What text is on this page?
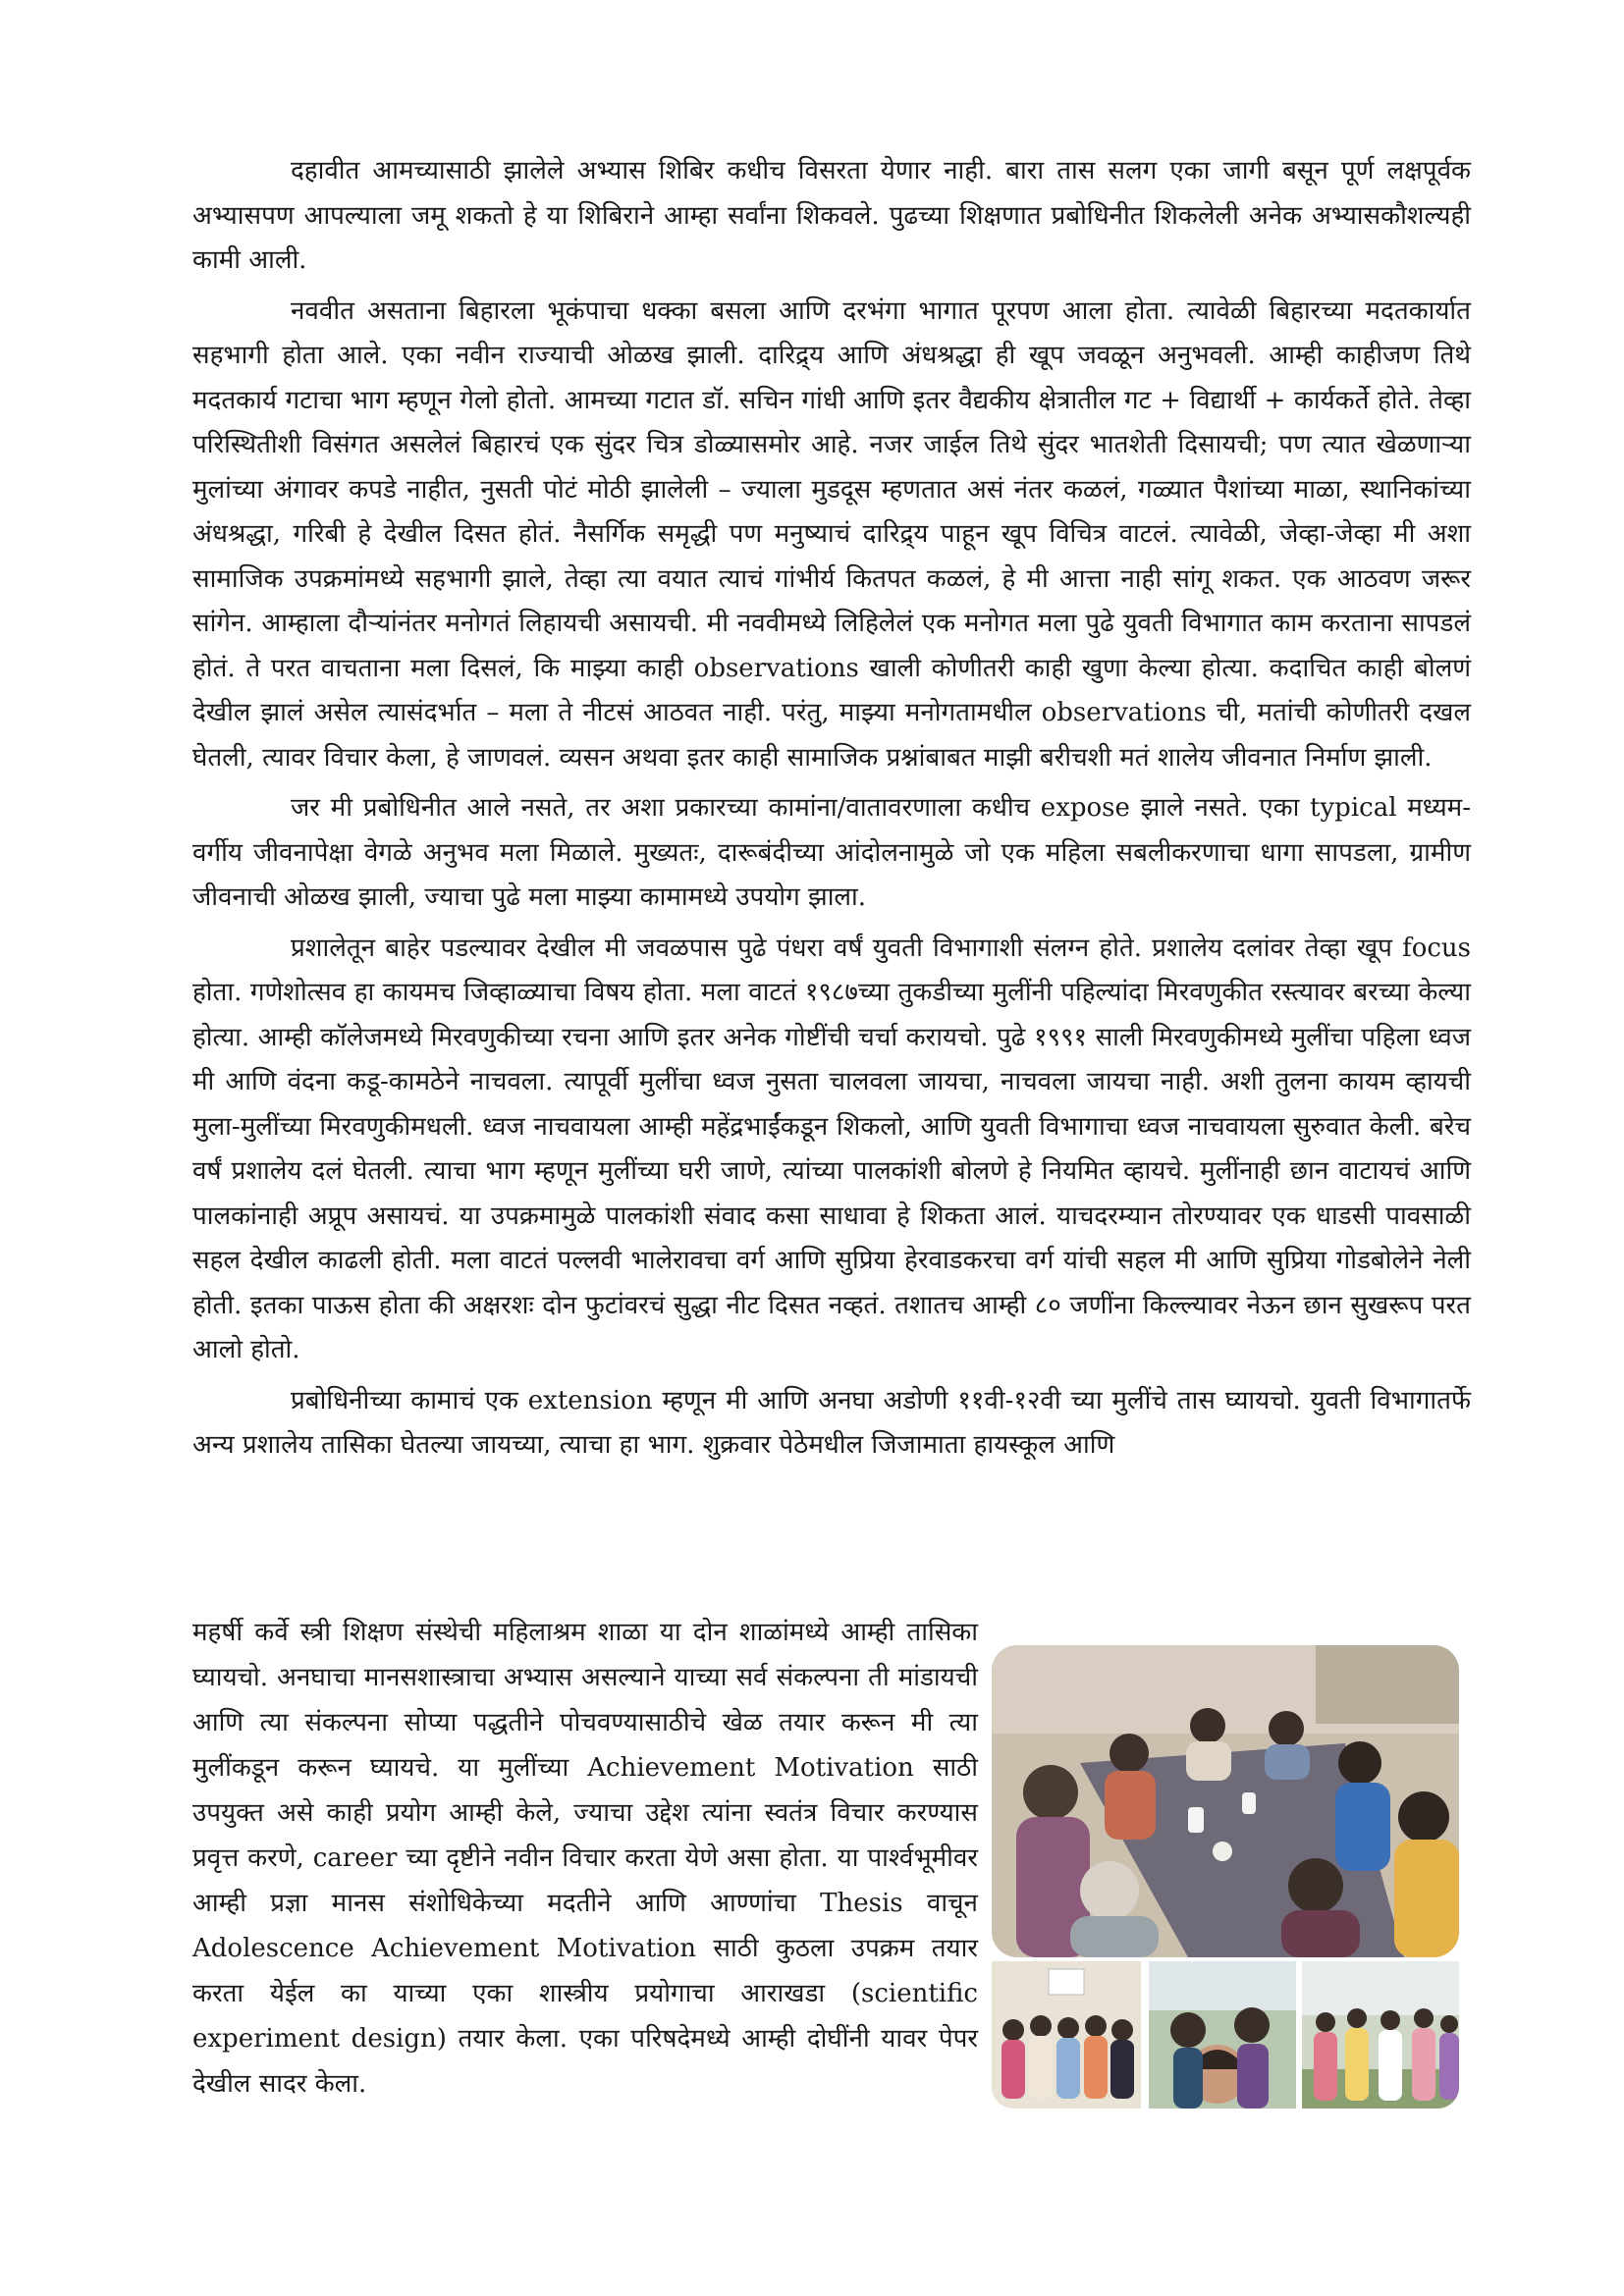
दहावीत आमच्यासाठी झालेले अभ्यास शिबिर कधीच विसरता येणार नाही. बारा तास सलग एका जागी बसून पूर्ण लक्षपूर्वक अभ्यासपण आपल्याला जमू शकतो हे या शिबिराने आम्हा सर्वांना शिकवले. पुढच्या शिक्षणात प्रबोधिनीत शिकलेली अनेक अभ्यासकौशल्यही कामी आली.

नववीत असताना बिहारला भूकंपाचा धक्का बसला आणि दरभंगा भागात पूरपण आला होता. त्यावेळी बिहारच्या मदतकार्यात सहभागी होता आले. एका नवीन राज्याची ओळख झाली. दारिद्र्य आणि अंधश्रद्धा ही खूप जवळून अनुभवली. आम्ही काहीजण तिथे मदतकार्य गटाचा भाग म्हणून गेलो होतो. आमच्या गटात डॉ. सचिन गांधी आणि इतर वैद्यकीय क्षेत्रातील गट + विद्यार्थी + कार्यकर्ते होते. तेव्हा परिस्थितीशी विसंगत असलेलं बिहारचं एक सुंदर चित्र डोळ्यासमोर आहे. नजर जाईल तिथे सुंदर भातशेती दिसायची; पण त्यात खेळणाऱ्या मुलांच्या अंगावर कपडे नाहीत, नुसती पोटं मोठी झालेली – ज्याला मुडदूस म्हणतात असं नंतर कळलं, गळ्यात पैशांच्या माळा, स्थानिकांच्या अंधश्रद्धा, गरिबी हे देखील दिसत होतं. नैसर्गिक समृद्धी पण मनुष्याचं दारिद्र्य पाहून खूप विचित्र वाटलं. त्यावेळी, जेव्हा-जेव्हा मी अशा सामाजिक उपक्रमांमध्ये सहभागी झाले, तेव्हा त्या वयात त्याचं गांभीर्य कितपत कळलं, हे मी आत्ता नाही सांगू शकत. एक आठवण जरूर सांगेन. आम्हाला दौऱ्यांनंतर मनोगतं लिहायची असायची. मी नववीमध्ये लिहिलेलं एक मनोगत मला पुढे युवती विभागात काम करताना सापडलं होतं. ते परत वाचताना मला दिसलं, कि माझ्या काही observations खाली कोणीतरी काही खुणा केल्या होत्या. कदाचित काही बोलणं देखील झालं असेल त्यासंदर्भात – मला ते नीटसं आठवत नाही. परंतु, माझ्या मनोगतामधील observations ची, मतांची कोणीतरी दखल घेतली, त्यावर विचार केला, हे जाणवलं. व्यसन अथवा इतर काही सामाजिक प्रश्नांबाबत माझी बरीचशी मतं शालेय जीवनात निर्माण झाली.

जर मी प्रबोधिनीत आले नसते, तर अशा प्रकारच्या कामांना/वातावरणाला कधीच expose झाले नसते. एका typical मध्यम-वर्गीय जीवनापेक्षा वेगळे अनुभव मला मिळाले. मुख्यतः, दारूबंदीच्या आंदोलनामुळे जो एक महिला सबलीकरणाचा धागा सापडला, ग्रामीण जीवनाची ओळख झाली, ज्याचा पुढे मला माझ्या कामामध्ये उपयोग झाला.

प्रशालेतून बाहेर पडल्यावर देखील मी जवळपास पुढे पंधरा वर्षं युवती विभागाशी संलग्न होते. प्रशालेय दलांवर तेव्हा खूप focus होता. गणेशोत्सव हा कायमच जिव्हाळ्याचा विषय होता. मला वाटतं १९८७च्या तुकडीच्या मुलींनी पहिल्यांदा मिरवणुकीत रस्त्यावर बरच्या केल्या होत्या. आम्ही कॉलेजमध्ये मिरवणुकीच्या रचना आणि इतर अनेक गोष्टींची चर्चा करायचो. पुढे १९९१ साली मिरवणुकीमध्ये मुलींचा पहिला ध्वज मी आणि वंदना कडू-कामठेने नाचवला. त्यापूर्वी मुलींचा ध्वज नुसता चालवला जायचा, नाचवला जायचा नाही. अशी तुलना कायम व्हायची मुला-मुलींच्या मिरवणुकीमधली. ध्वज नाचवायला आम्ही महेंद्रभाईंकडून शिकलो, आणि युवती विभागाचा ध्वज नाचवायला सुरुवात केली. बरेच वर्षं प्रशालेय दलं घेतली. त्याचा भाग म्हणून मुलींच्या घरी जाणे, त्यांच्या पालकांशी बोलणे हे नियमित व्हायचे. मुलींनाही छान वाटायचं आणि पालकांनाही अप्रूप असायचं. या उपक्रमामुळे पालकांशी संवाद कसा साधावा हे शिकता आलं. याचदरम्यान तोरण्यावर एक धाडसी पावसाळी सहल देखील काढली होती. मला वाटतं पल्लवी भालेरावचा वर्ग आणि सुप्रिया हेरवाडकरचा वर्ग यांची सहल मी आणि सुप्रिया गोडबोलेने नेली होती. इतका पाऊस होता की अक्षरशः दोन फुटांवरचं सुद्धा नीट दिसत नव्हतं. तशातच आम्ही ८० जणींना किल्ल्यावर नेऊन छान सुखरूप परत आलो होतो.

प्रबोधिनीच्या कामाचं एक extension म्हणून मी आणि अनघा अडोणी ११वी-१२वी च्या मुलींचे तास घ्यायचो. युवती विभागातर्फे अन्य प्रशालेय तासिका घेतल्या जायच्या, त्याचा हा भाग. शुक्रवार पेठेमधील जिजामाता हायस्कूल आणि

महर्षी कर्वे स्त्री शिक्षण संस्थेची महिलाश्रम शाळा या दोन शाळांमध्ये आम्ही तासिका घ्यायचो. अनघाचा मानसशास्त्राचा अभ्यास असल्याने याच्या सर्व संकल्पना ती मांडायची आणि त्या संकल्पना सोप्या पद्धतीने पोचवण्यासाठीचे खेळ तयार करून मी त्या मुलींकडून करून घ्यायचे. या मुलींच्या Achievement Motivation साठी उपयुक्त असे काही प्रयोग आम्ही केले, ज्याचा उद्देश त्यांना स्वतंत्र विचार करण्यास प्रवृत्त करणे, career च्या दृष्टीने नवीन विचार करता येणे असा होता. या पार्श्वभूमीवर आम्ही प्रज्ञा मानस संशोधिकेच्या मदतीने आणि आण्णांचा Thesis वाचून Adolescence Achievement Motivation साठी कुठला उपक्रम तयार करता येईल का याच्या एका शास्त्रीय प्रयोगाचा आराखडा (scientific experiment design) तयार केला. एका परिषदेमध्ये आम्ही दोघींनी यावर पेपर देखील सादर केला.
